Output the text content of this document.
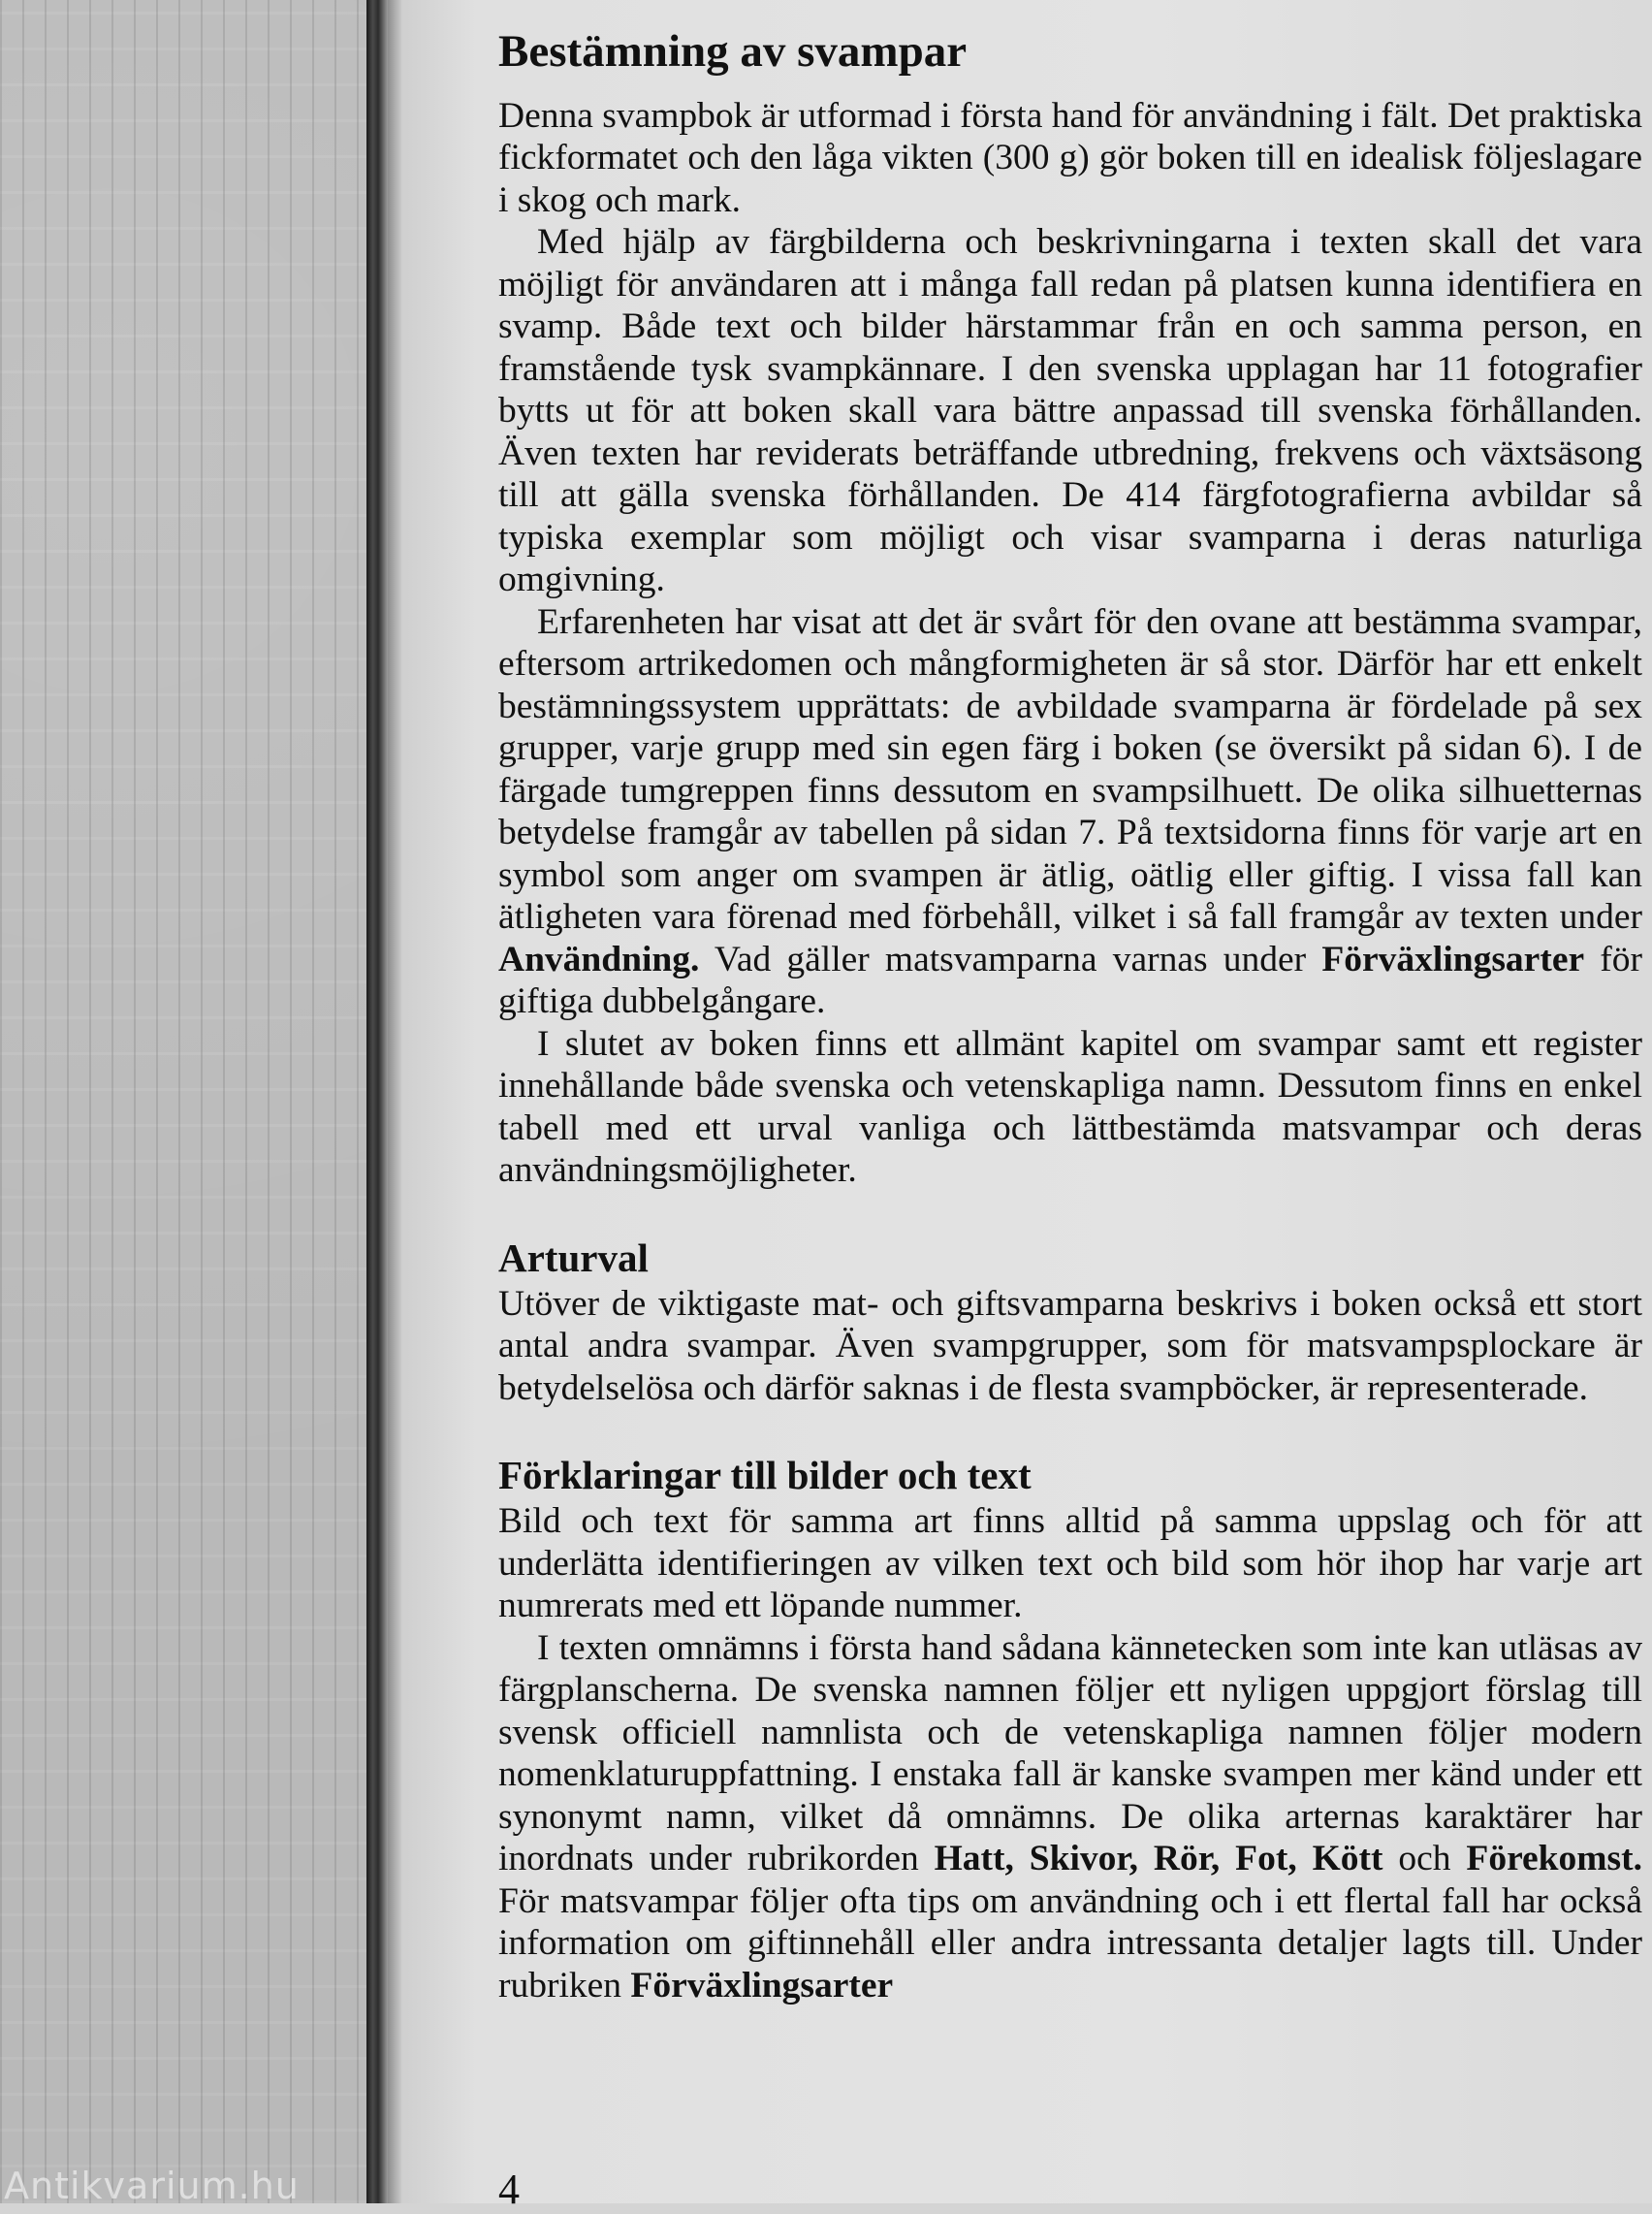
Antikvarium.hu
Bestämning av svampar

Denna svampbok är utformad i första hand för användning i fält. Det praktiska fickformatet och den låga vikten (300 g) gör boken till en idealisk följeslagare i skog och mark.

Med hjälp av färgbilderna och beskrivningarna i texten skall det vara möjligt för användaren att i många fall redan på platsen kunna identifiera en svamp. Både text och bilder härstammar från en och samma person, en framstående tysk svampkännare. I den svenska upplagan har 11 fotografier bytts ut för att boken skall vara bättre anpassad till svenska förhållanden. Även texten har reviderats beträffande utbredning, frekvens och växtsäsong till att gälla svenska förhållanden. De 414 färgfotografierna avbildar så typiska exemplar som möjligt och visar svamparna i deras naturliga omgivning.

Erfarenheten har visat att det är svårt för den ovane att bestämma svampar, eftersom artrikedomen och mångformigheten är så stor. Därför har ett enkelt bestämningssystem upprättats: de avbildade svamparna är fördelade på sex grupper, varje grupp med sin egen färg i boken (se översikt på sidan 6). I de färgade tumgreppen finns dessutom en svampsilhuett. De olika silhuetternas betydelse framgår av tabellen på sidan 7. På textsidorna finns för varje art en symbol som anger om svampen är ätlig, oätlig eller giftig. I vissa fall kan ätligheten vara förenad med förbehåll, vilket i så fall framgår av texten under Användning. Vad gäller matsvamparna varnas under Förväxlingsarter för giftiga dubbelgångare.

I slutet av boken finns ett allmänt kapitel om svampar samt ett register innehållande både svenska och vetenskapliga namn. Dessutom finns en enkel tabell med ett urval vanliga och lättbestämda matsvampar och deras användningsmöjligheter.

Arturval

Utöver de viktigaste mat- och giftsvamparna beskrivs i boken också ett stort antal andra svampar. Även svampgrupper, som för matsvampsplockare är betydelselösa och därför saknas i de flesta svampböcker, är representerade.

Förklaringar till bilder och text

Bild och text för samma art finns alltid på samma uppslag och för att underlätta identifieringen av vilken text och bild som hör ihop har varje art numrerats med ett löpande nummer.

I texten omnämns i första hand sådana kännetecken som inte kan utläsas av färgplanscherna. De svenska namnen följer ett nyligen uppgjort förslag till svensk officiell namnlista och de vetenskapliga namnen följer modern nomenklaturuppfattning. I enstaka fall är kanske svampen mer känd under ett synonymt namn, vilket då omnämns. De olika arternas karaktärer har inordnats under rubrikorden Hatt, Skivor, Rör, Fot, Kött och Förekomst. För matsvampar följer ofta tips om användning och i ett flertal fall har också information om giftinnehåll eller andra intressanta detaljer lagts till. Under rubriken Förväxlingsarter

4
